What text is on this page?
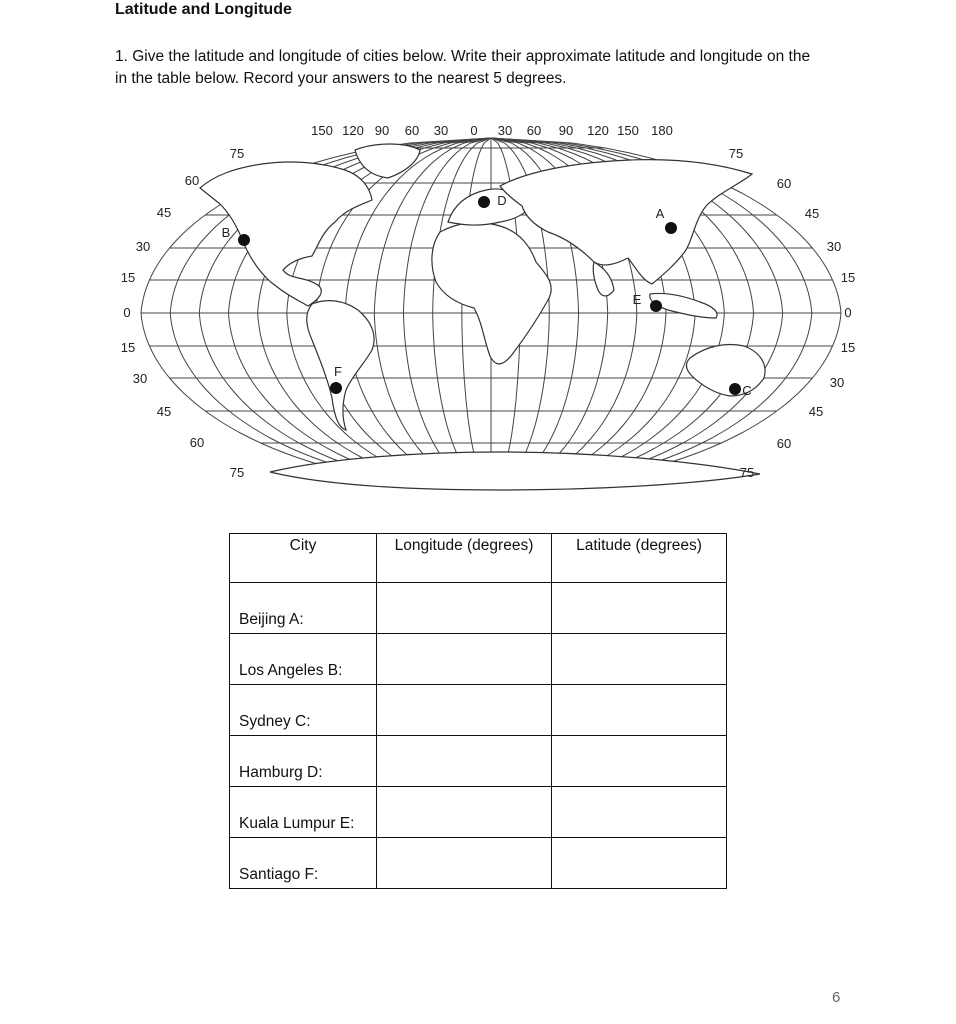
Latitude and Longitude
1. Give the latitude and longitude of cities below. Write their approximate latitude and longitude on the in the table below. Record your answers to the nearest 5 degrees.
150 120 90 60 30 0 30 60 90 120 150 180
75
60
45
30
15
0
15
30
45
60
75
75
60
45
30
15
0
15
30
45
60
75
A
B
C
D
E
F
City	Longitude (degrees)	Latitude (degrees)
Beijing A:		
Los Angeles B:		
Sydney C:		
Hamburg D:		
Kuala Lumpur E:		
Santiago F:		
6
